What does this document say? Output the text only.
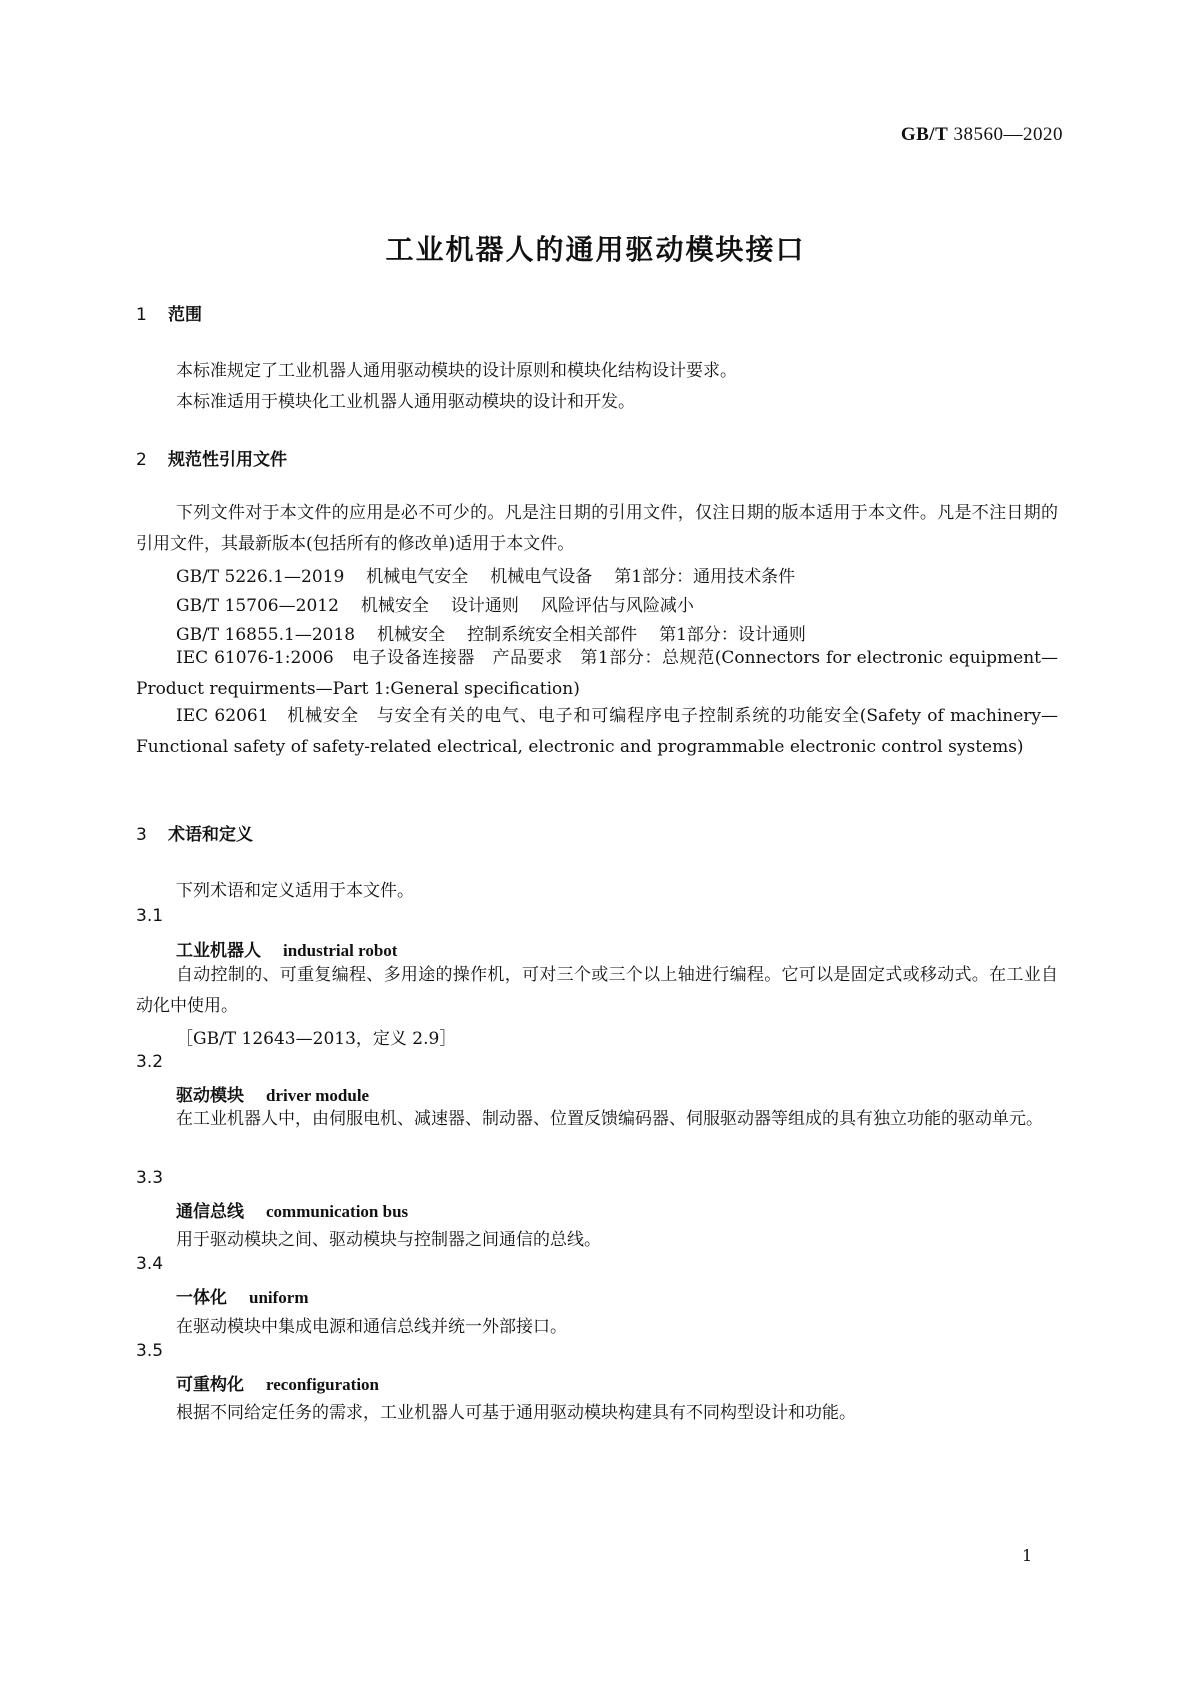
GB/T 38560—2020
工业机器人的通用驱动模块接口
1 范围
本标准规定了工业机器人通用驱动模块的设计原则和模块化结构设计要求。
本标准适用于模块化工业机器人通用驱动模块的设计和开发。
2 规范性引用文件
下列文件对于本文件的应用是必不可少的。凡是注日期的引用文件，仅注日期的版本适用于本文件。凡是不注日期的引用文件，其最新版本(包括所有的修改单)适用于本文件。
GB/T 5226.1—2019 机械电气安全 机械电气设备 第1部分：通用技术条件
GB/T 15706—2012 机械安全 设计通则 风险评估与风险减小
GB/T 16855.1—2018 机械安全 控制系统安全相关部件 第1部分：设计通则
IEC 61076-1:2006　电子设备连接器　产品要求　第1部分：总规范(Connectors for electronic equipment—Product requirments—Part 1:General specification)
IEC 62061　机械安全　与安全有关的电气、电子和可编程序电子控制系统的功能安全(Safety of machinery—Functional safety of safety-related electrical, electronic and programmable electronic control systems)
3 术语和定义
下列术语和定义适用于本文件。
3.1
工业机器人 industrial robot
自动控制的、可重复编程、多用途的操作机，可对三个或三个以上轴进行编程。它可以是固定式或移动式。在工业自动化中使用。
［GB/T 12643—2013，定义 2.9］
3.2
驱动模块 driver module
在工业机器人中，由伺服电机、减速器、制动器、位置反馈编码器、伺服驱动器等组成的具有独立功能的驱动单元。
3.3
通信总线 communication bus
用于驱动模块之间、驱动模块与控制器之间通信的总线。
3.4
一体化 uniform
在驱动模块中集成电源和通信总线并统一外部接口。
3.5
可重构化 reconfiguration
根据不同给定任务的需求，工业机器人可基于通用驱动模块构建具有不同构型设计和功能。
1
